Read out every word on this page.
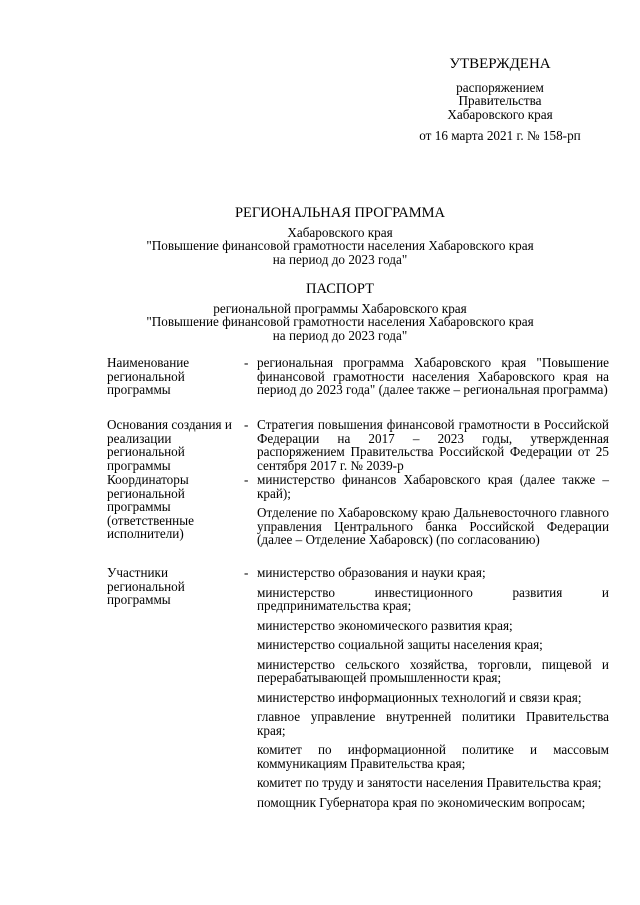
УТВЕРЖДЕНА
распоряжением
Правительства
Хабаровского края
от 16 марта 2021 г. № 158-рп
РЕГИОНАЛЬНАЯ ПРОГРАММА
Хабаровского края
"Повышение финансовой грамотности населения Хабаровского края
на период до 2023 года"
ПАСПОРТ
региональной программы Хабаровского края
"Повышение финансовой грамотности населения Хабаровского края
на период до 2023 года"
Наименование региональной программы
- региональная программа Хабаровского края "Повышение финансовой грамотности населения Хабаровского края на период до 2023 года" (далее также – региональная программа)

Основания создания и реализации региональной программы
- Стратегия повышения финансовой грамотности в Российской Федерации на 2017 – 2023 годы, утвержденная распоряжением Правительства Российской Федерации от 25 сентября 2017 г. № 2039-р

Координаторы региональной программы (ответственные исполнители)
- министерство финансов Хабаровского края (далее также – край);

Отделение по Хабаровскому краю Дальневосточного главного управления Центрального банка Российской Федерации (далее – Отделение Хабаровск) (по согласованию)

Участники региональной программы
- министерство образования и науки края;

министерство инвестиционного развития и предпринимательства края;

министерство экономического развития края;

министерство социальной защиты населения края;

министерство сельского хозяйства, торговли, пищевой и перерабатывающей промышленности края;

министерство информационных технологий и связи края;

главное управление внутренней политики Правительства края;

комитет по информационной политике и массовым коммуникациям Правительства края;

комитет по труду и занятости населения Правительства края;

помощник Губернатора края по экономическим вопросам;
